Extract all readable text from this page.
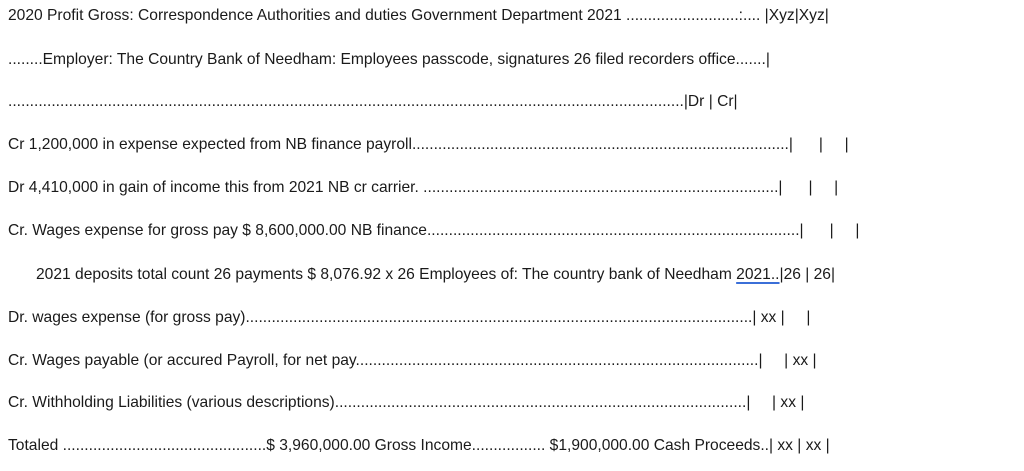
2020 Profit Gross: Correspondence Authorities and duties Government Department 2021 ..........................:.... |Xyz|Xyz|
........Employer: The Country Bank of Needham: Employees passcode, signatures 26 filed recorders office.......|
............................................................................................................................................................|Dr | Cr|
Cr 1,200,000 in expense expected from NB finance payroll.......................................................................................|      |     |
Dr 4,410,000 in gain of income this from 2021 NB cr carrier. ..................................................................................|      |     |
Cr. Wages expense for gross pay $ 8,600,000.00 NB finance......................................................................................|      |     |
2021 deposits total count 26 payments $ 8,076.92 x 26 Employees of: The country bank of Needham 2021..|26 | 26|
Dr. wages expense (for gross pay).....................................................................................................................| xx |     |
Cr. Wages payable (or accured Payroll, for net pay.............................................................................................|     | xx |
Cr. Withholding Liabilities (various descriptions)...............................................................................................|     | xx |
Totaled ...............................................$ 3,960,000.00 Gross Income................. $1,900,000.00 Cash Proceeds..| xx | xx |
